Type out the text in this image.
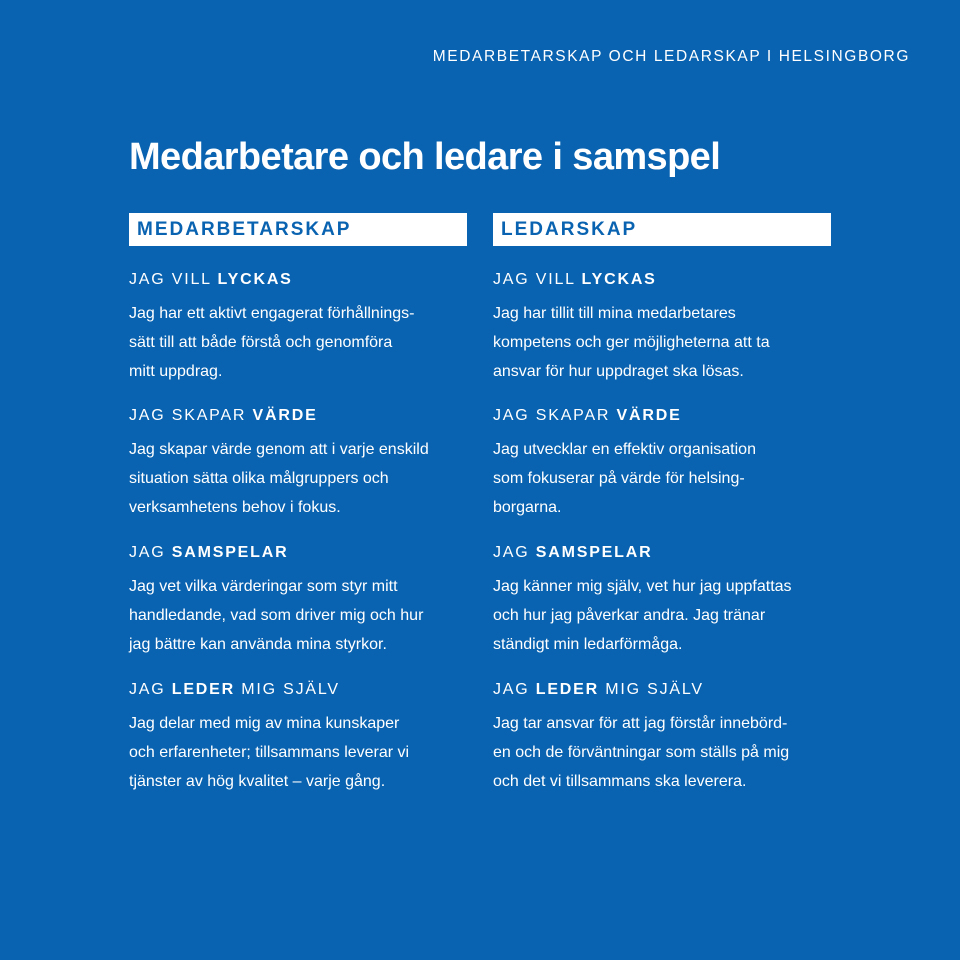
MEDARBETARSKAP OCH LEDARSKAP I HELSINGBORG
Medarbetare och ledare i samspel
MEDARBETARSKAP

JAG VILL LYCKAS

Jag har ett aktivt engagerat förhållnings-
sätt till att både förstå och genomföra
mitt uppdrag.

JAG SKAPAR VÄRDE

Jag skapar värde genom att i varje enskild
situation sätta olika målgruppers och
verksamhetens behov i fokus.

JAG SAMSPELAR

Jag vet vilka värderingar som styr mitt
handledande, vad som driver mig och hur
jag bättre kan använda mina styrkor.

JAG LEDER MIG SJÄLV

Jag delar med mig av mina kunskaper
och erfarenheter; tillsammans leverar vi
tjänster av hög kvalitet – varje gång.
LEDARSKAP

JAG VILL LYCKAS

Jag har tillit till mina medarbetares
kompetens och ger möjligheterna att ta
ansvar för hur uppdraget ska lösas.

JAG SKAPAR VÄRDE

Jag utvecklar en effektiv organisation
som fokuserar på värde för helsing-
borgarna.

JAG SAMSPELAR

Jag känner mig själv, vet hur jag uppfattas
och hur jag påverkar andra. Jag tränar
ständigt min ledarförmåga.

JAG LEDER MIG SJÄLV

Jag tar ansvar för att jag förstår innebörd-
en och de förväntningar som ställs på mig
och det vi tillsammans ska leverera.
